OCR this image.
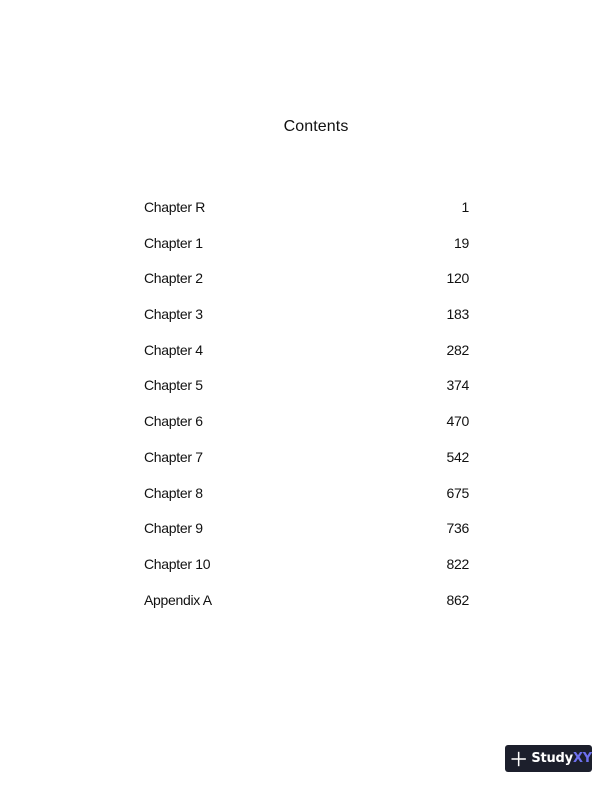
Contents
Chapter R	1
Chapter 1	19
Chapter 2	120
Chapter 3	183
Chapter 4	282
Chapter 5	374
Chapter 6	470
Chapter 7	542
Chapter 8	675
Chapter 9	736
Chapter 10	822
Appendix A	862
StudyXY
